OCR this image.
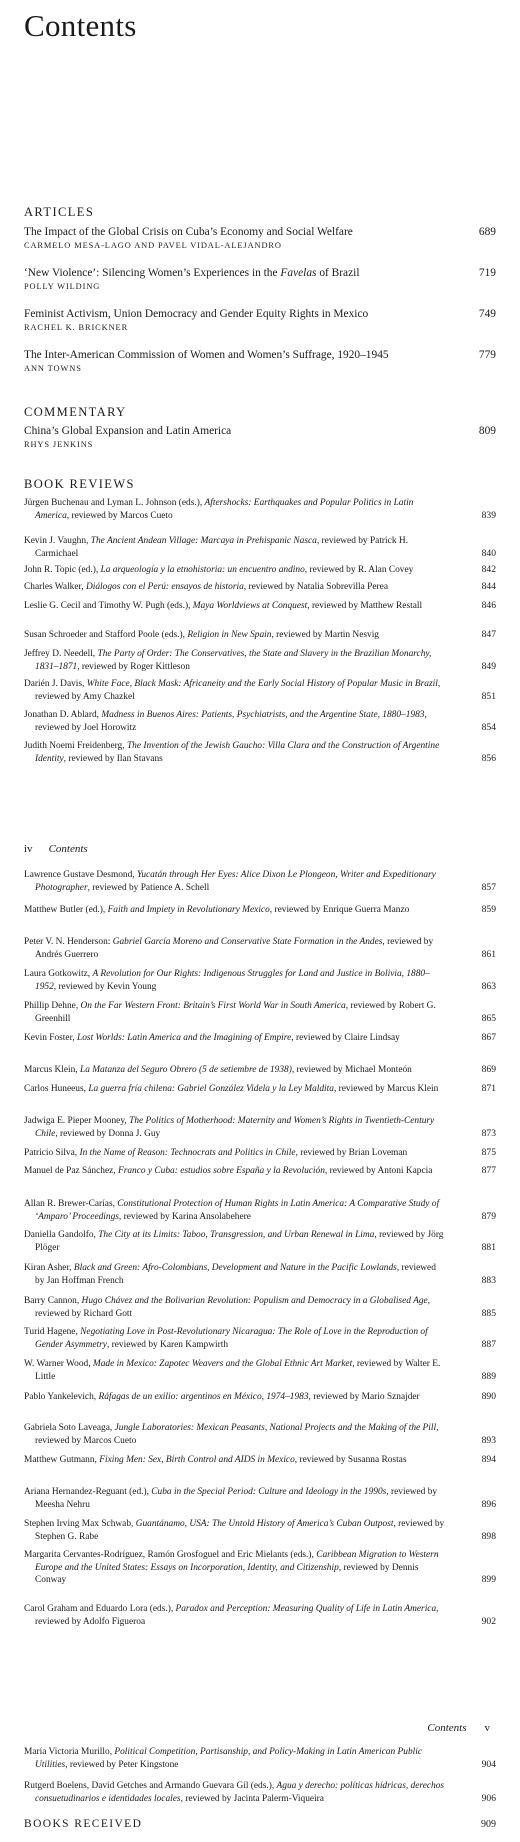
Contents
ARTICLES
The Impact of the Global Crisis on Cuba’s Economy and Social Welfare
CARMELO MESA-LAGO AND PAVEL VIDAL-ALEJANDRO
689
‘New Violence’: Silencing Women’s Experiences in the Favelas of Brazil
POLLY WILDING
719
Feminist Activism, Union Democracy and Gender Equity Rights in Mexico
RACHEL K. BRICKNER
749
The Inter-American Commission of Women and Women’s Suffrage, 1920–1945
ANN TOWNS
779
COMMENTARY
China’s Global Expansion and Latin America
RHYS JENKINS
809
BOOK REVIEWS
Jürgen Buchenau and Lyman L. Johnson (eds.), Aftershocks: Earthquakes and Popular Politics in Latin America, reviewed by Marcos Cueto	839
Kevin J. Vaughn, The Ancient Andean Village: Marcaya in Prehispanic Nasca, reviewed by Patrick H. Carmichael	840
John R. Topic (ed.), La arqueología y la etnohistoria: un encuentro andino, reviewed by R. Alan Covey	842
Charles Walker, Diálogos con el Perú: ensayos de historia, reviewed by Natalia Sobrevilla Perea	844
Leslie G. Cecil and Timothy W. Pugh (eds.), Maya Worldviews at Conquest, reviewed by Matthew Restall	846
Susan Schroeder and Stafford Poole (eds.), Religion in New Spain, reviewed by Martin Nesvig	847
Jeffrey D. Needell, The Party of Order: The Conservatives, the State and Slavery in the Brazilian Monarchy, 1831–1871, reviewed by Roger Kittleson	849
Darién J. Davis, White Face, Black Mask: Africaneity and the Early Social History of Popular Music in Brazil, reviewed by Amy Chazkel	851
Jonathan D. Ablard, Madness in Buenos Aires: Patients, Psychiatrists, and the Argentine State, 1880–1983, reviewed by Joel Horowitz	854
Judith Noemi Freidenberg, The Invention of the Jewish Gaucho: Villa Clara and the Construction of Argentine Identity, reviewed by Ilan Stavans	856
iv Contents
Lawrence Gustave Desmond, Yucatán through Her Eyes: Alice Dixon Le Plongeon, Writer and Expeditionary Photographer, reviewed by Patience A. Schell	857
Matthew Butler (ed.), Faith and Impiety in Revolutionary Mexico, reviewed by Enrique Guerra Manzo	859
Peter V. N. Henderson: Gabriel García Moreno and Conservative State Formation in the Andes, reviewed by Andrés Guerrero	861
Laura Gotkowitz, A Revolution for Our Rights: Indigenous Struggles for Land and Justice in Bolivia, 1880–1952, reviewed by Kevin Young	863
Phillip Dehne, On the Far Western Front: Britain’s First World War in South America, reviewed by Robert G. Greenhill	865
Kevin Foster, Lost Worlds: Latin America and the Imagining of Empire, reviewed by Claire Lindsay	867
Marcus Klein, La Matanza del Seguro Obrero (5 de setiembre de 1938), reviewed by Michael Monteón	869
Carlos Huneeus, La guerra fría chilena: Gabriel González Videla y la Ley Maldita, reviewed by Marcus Klein	871
Jadwiga E. Pieper Mooney, The Politics of Motherhood: Maternity and Women’s Rights in Twentieth-Century Chile, reviewed by Donna J. Guy	873
Patricio Silva, In the Name of Reason: Technocrats and Politics in Chile, reviewed by Brian Loveman	875
Manuel de Paz Sánchez, Franco y Cuba: estudios sobre España y la Revolución, reviewed by Antoni Kapcia	877
Allan R. Brewer-Carías, Constitutional Protection of Human Rights in Latin America: A Comparative Study of ‘Amparo’ Proceedings, reviewed by Karina Ansolabehere	879
Daniella Gandolfo, The City at its Limits: Taboo, Transgression, and Urban Renewal in Lima, reviewed by Jörg Plöger	881
Kiran Asher, Black and Green: Afro-Colombians, Development and Nature in the Pacific Lowlands, reviewed by Jan Hoffman French	883
Barry Cannon, Hugo Chávez and the Bolivarian Revolution: Populism and Democracy in a Globalised Age, reviewed by Richard Gott	885
Turid Hagene, Negotiating Love in Post-Revolutionary Nicaragua: The Role of Love in the Reproduction of Gender Asymmetry, reviewed by Karen Kampwirth	887
W. Warner Wood, Made in Mexico: Zapotec Weavers and the Global Ethnic Art Market, reviewed by Walter E. Little	889
Pablo Yankelevich, Ráfagas de un exilio: argentinos en México, 1974–1983, reviewed by Mario Sznajder	890
Gabriela Soto Laveaga, Jungle Laboratories: Mexican Peasants, National Projects and the Making of the Pill, reviewed by Marcos Cueto	893
Matthew Gutmann, Fixing Men: Sex, Birth Control and AIDS in Mexico, reviewed by Susanna Rostas	894
Ariana Hernandez-Reguant (ed.), Cuba in the Special Period: Culture and Ideology in the 1990s, reviewed by Meesha Nehru	896
Stephen Irving Max Schwab, Guantánamo, USA: The Untold History of America’s Cuban Outpost, reviewed by Stephen G. Rabe	898
Margarita Cervantes-Rodríguez, Ramón Grosfoguel and Eric Mielants (eds.), Caribbean Migration to Western Europe and the United States: Essays on Incorporation, Identity, and Citizenship, reviewed by Dennis Conway	899
Carol Graham and Eduardo Lora (eds.), Paradox and Perception: Measuring Quality of Life in Latin America, reviewed by Adolfo Figueroa	902
Contents v
María Victoria Murillo, Political Competition, Partisanship, and Policy-Making in Latin American Public Utilities, reviewed by Peter Kingstone	904
Rutgerd Boelens, David Getches and Armando Guevara Gil (eds.), Agua y derecho: políticas hídricas, derechos consuetudinarios e identidades locales, reviewed by Jacinta Palerm-Viqueira	906
BOOKS RECEIVED	909
